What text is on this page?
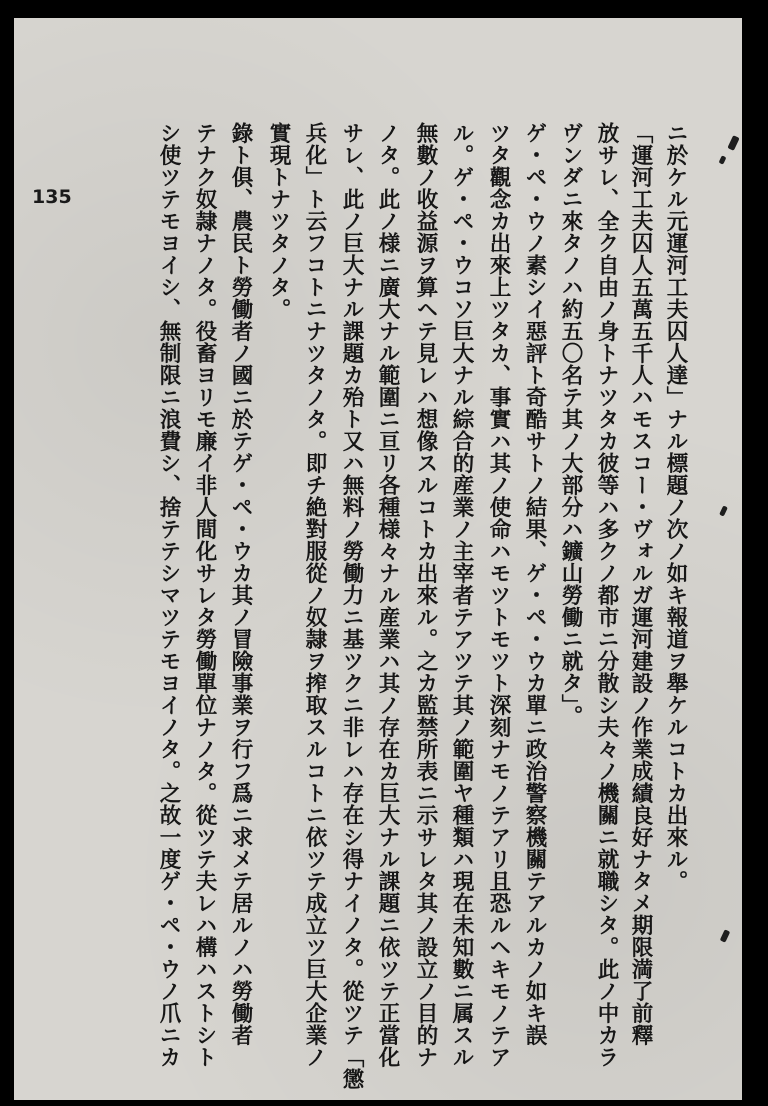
135	ニ於ケル元運河工夫囚人達」ナル標題ノ次ノ如キ報道ヲ舉ケルコトカ出來ル。
「運河工夫囚人五萬五千人ハモスコー・ヴォルガ運河建設ノ作業成績良好ナタメ期限満了前釋
放サレ、全ク自由ノ身トナツタカ彼等ハ多クノ都市ニ分散シ夫々ノ機關ニ就職シタ。此ノ中カラ
ヴンダニ來タノハ約五〇名テ其ノ大部分ハ鑛山勞働ニ就タ」。
ゲ・ペ・ウノ素シイ惡評ト奇酷サトノ結果、ゲ・ペ・ウカ單ニ政治警察機關テアルカノ如キ誤
ツタ觀念カ出來上ツタカ、事實ハ其ノ使命ハモツトモツト深刻ナモノテアリ且恐ルヘキモノテア
ル。ゲ・ペ・ウコソ巨大ナル綜合的産業ノ主宰者テアツテ其ノ範圍ヤ種類ハ現在未知數ニ属スル
無數ノ收益源ヲ算ヘテ見レハ想像スルコトカ出來ル。之カ監禁所表ニ示サレタ其ノ設立ノ目的ナ
ノタ。此ノ様ニ廣大ナル範圍ニ亘リ各種様々ナル産業ハ其ノ存在カ巨大ナル課題ニ依ツテ正當化
サレ、此ノ巨大ナル課題カ殆ト又ハ無料ノ勞働力ニ基ツクニ非レハ存在シ得ナイノタ。從ツテ「懲
兵化」ト云フコトニナツタノタ。即チ絶對服從ノ奴隷ヲ搾取スルコトニ依ツテ成立ツ巨大企業ノ
實現トナツタノタ。
錄ト俱、農民ト勞働者ノ國ニ於テゲ・ペ・ウカ其ノ冒險事業ヲ行フ爲ニ求メテ居ルノハ勞働者
テナク奴隷ナノタ。役畜ヨリモ廉イ非人間化サレタ勞働單位ナノタ。從ツテ夫レハ構ハストシト
シ使ツテモヨイシ、無制限ニ浪費シ、捨テテシマツテモヨイノタ。之故一度ゲ・ペ・ウノ爪ニカ
